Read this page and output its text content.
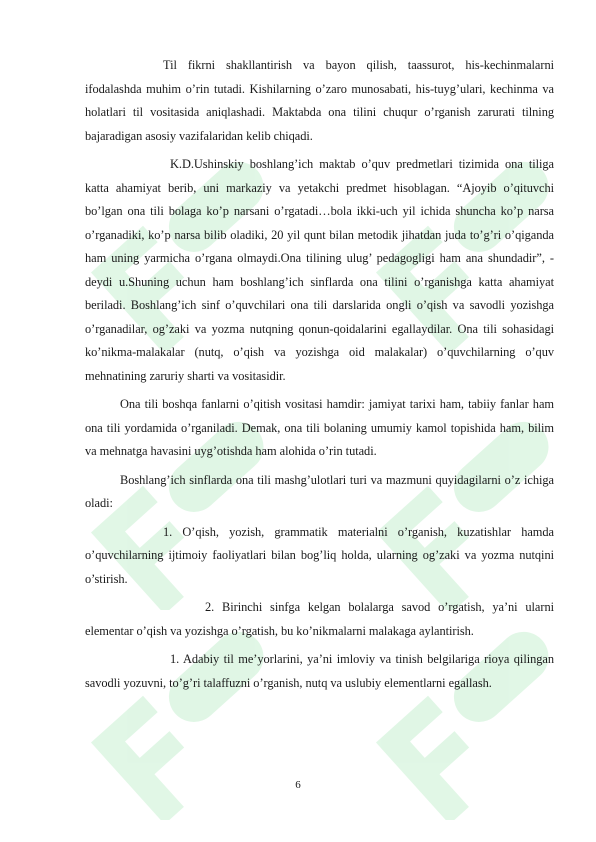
Til fikrni shakllantirish va bayon qilish, taassurot, his-kechinmalarni ifodalashda muhim o’rin tutadi. Kishilarning o’zaro munosabati, his-tuyg’ulari, kechinma va holatlari til vositasida aniqlashadi. Maktabda ona tilini chuqur o’rganish zarurati tilning bajaradigan asosiy vazifalaridan kelib chiqadi.

K.D.Ushinskiy boshlang’ich maktab o’quv predmetlari tizimida ona tiliga katta ahamiyat berib, uni markaziy va yetakchi predmet hisoblagan. “Ajoyib o’qituvchi bo’lgan ona tili bolaga ko’p narsani o’rgatadi…bola ikki-uch yil ichida shuncha ko’p narsa o’rganadiki, ko’p narsa bilib oladiki, 20 yil qunt bilan metodik jihatdan juda to’g’ri o’qiganda ham uning yarmicha o’rgana olmaydi.Ona tilining ulug’ pedagogligi ham ana shundadir”, - deydi u.Shuning uchun ham boshlang’ich sinflarda ona tilini o’rganishga katta ahamiyat beriladi. Boshlang’ich sinf o’quvchilari ona tili darslarida ongli o’qish va savodli yozishga o’rganadilar, og’zaki va yozma nutqning qonun-qoidalarini egallaydilar. Ona tili sohasidagi ko’nikma-malakalar (nutq, o’qish va yozishga oid malakalar) o’quvchilarning o’quv mehnatining zaruriy sharti va vositasidir.

Ona tili boshqa fanlarni o’qitish vositasi hamdir: jamiyat tarixi ham, tabiiy fanlar ham ona tili yordamida o’rganiladi. Demak, ona tili bolaning umumiy kamol topishida ham, bilim va mehnatga havasini uyg’otishda ham alohida o’rin tutadi.

Boshlang’ich sinflarda ona tili mashg’ulotlari turi va mazmuni quyidagilarni o’z ichiga oladi:

1. O’qish, yozish, grammatik materialni o’rganish, kuzatishlar hamda o’quvchilarning ijtimoiy faoliyatlari bilan bog’liq holda, ularning og’zaki va yozma nutqini o’stirish.

2. Birinchi sinfga kelgan bolalarga savod o’rgatish, ya’ni ularni elementar o’qish va yozishga o’rgatish, bu ko’nikmalarni malakaga aylantirish.

1. Adabiy til me’yorlarini, ya’ni imloviy va tinish belgilariga rioya qilingan savodli yozuvni, to’g’ri talaffuzni o’rganish, nutq va uslubiy elementlarni egallash.

6
